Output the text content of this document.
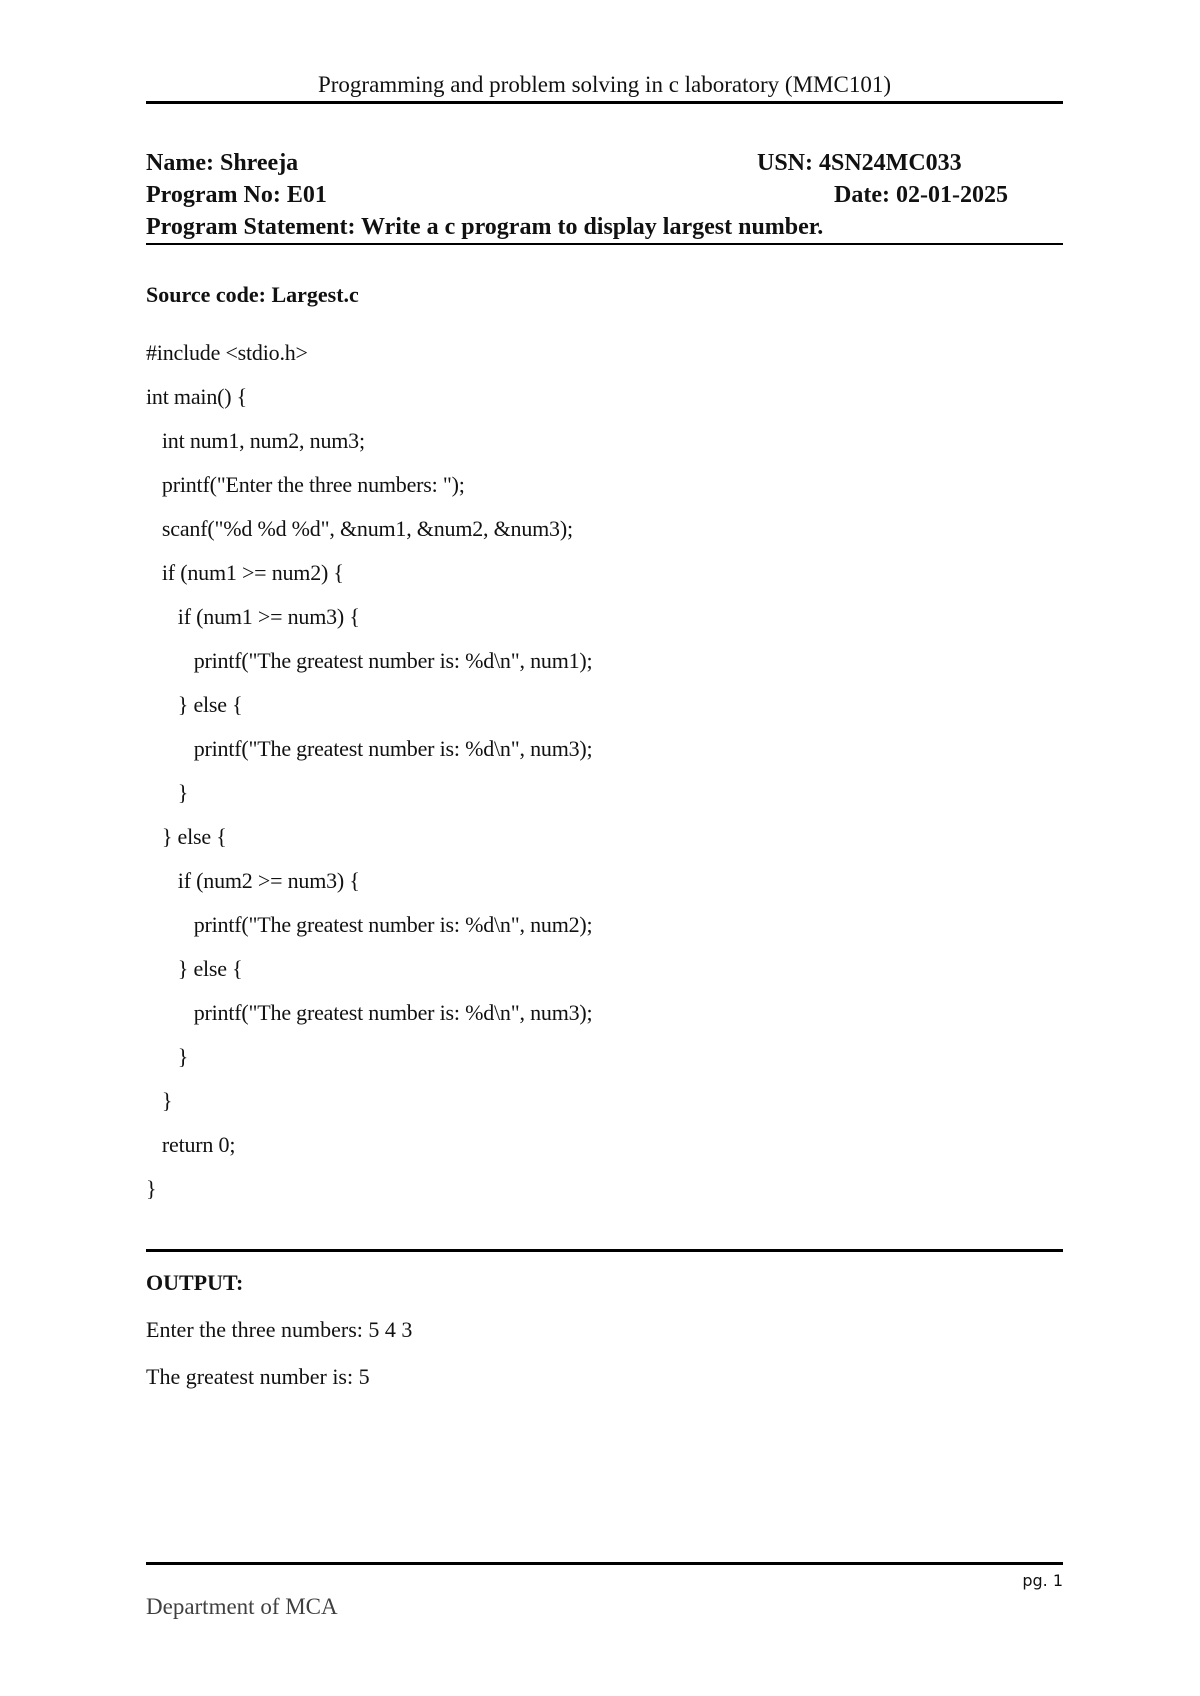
Programming and problem solving in c laboratory (MMC101)
Name: Shreeja	USN: 4SN24MC033
Program No: E01	Date: 02-01-2025
Program Statement: Write a c program to display largest number.
Source code: Largest.c
#include <stdio.h>
int main() {
int num1, num2, num3;
printf("Enter the three numbers: ");
scanf("%d %d %d", &num1, &num2, &num3);
if (num1 >= num2) {
if (num1 >= num3) {
printf("The greatest number is: %d\n", num1);
} else {
printf("The greatest number is: %d\n", num3);
}
} else {
if (num2 >= num3) {
printf("The greatest number is: %d\n", num2);
} else {
printf("The greatest number is: %d\n", num3);
}
}
return 0;
}
OUTPUT:
Enter the three numbers: 5 4 3
The greatest number is: 5
pg. 1
Department of MCA
